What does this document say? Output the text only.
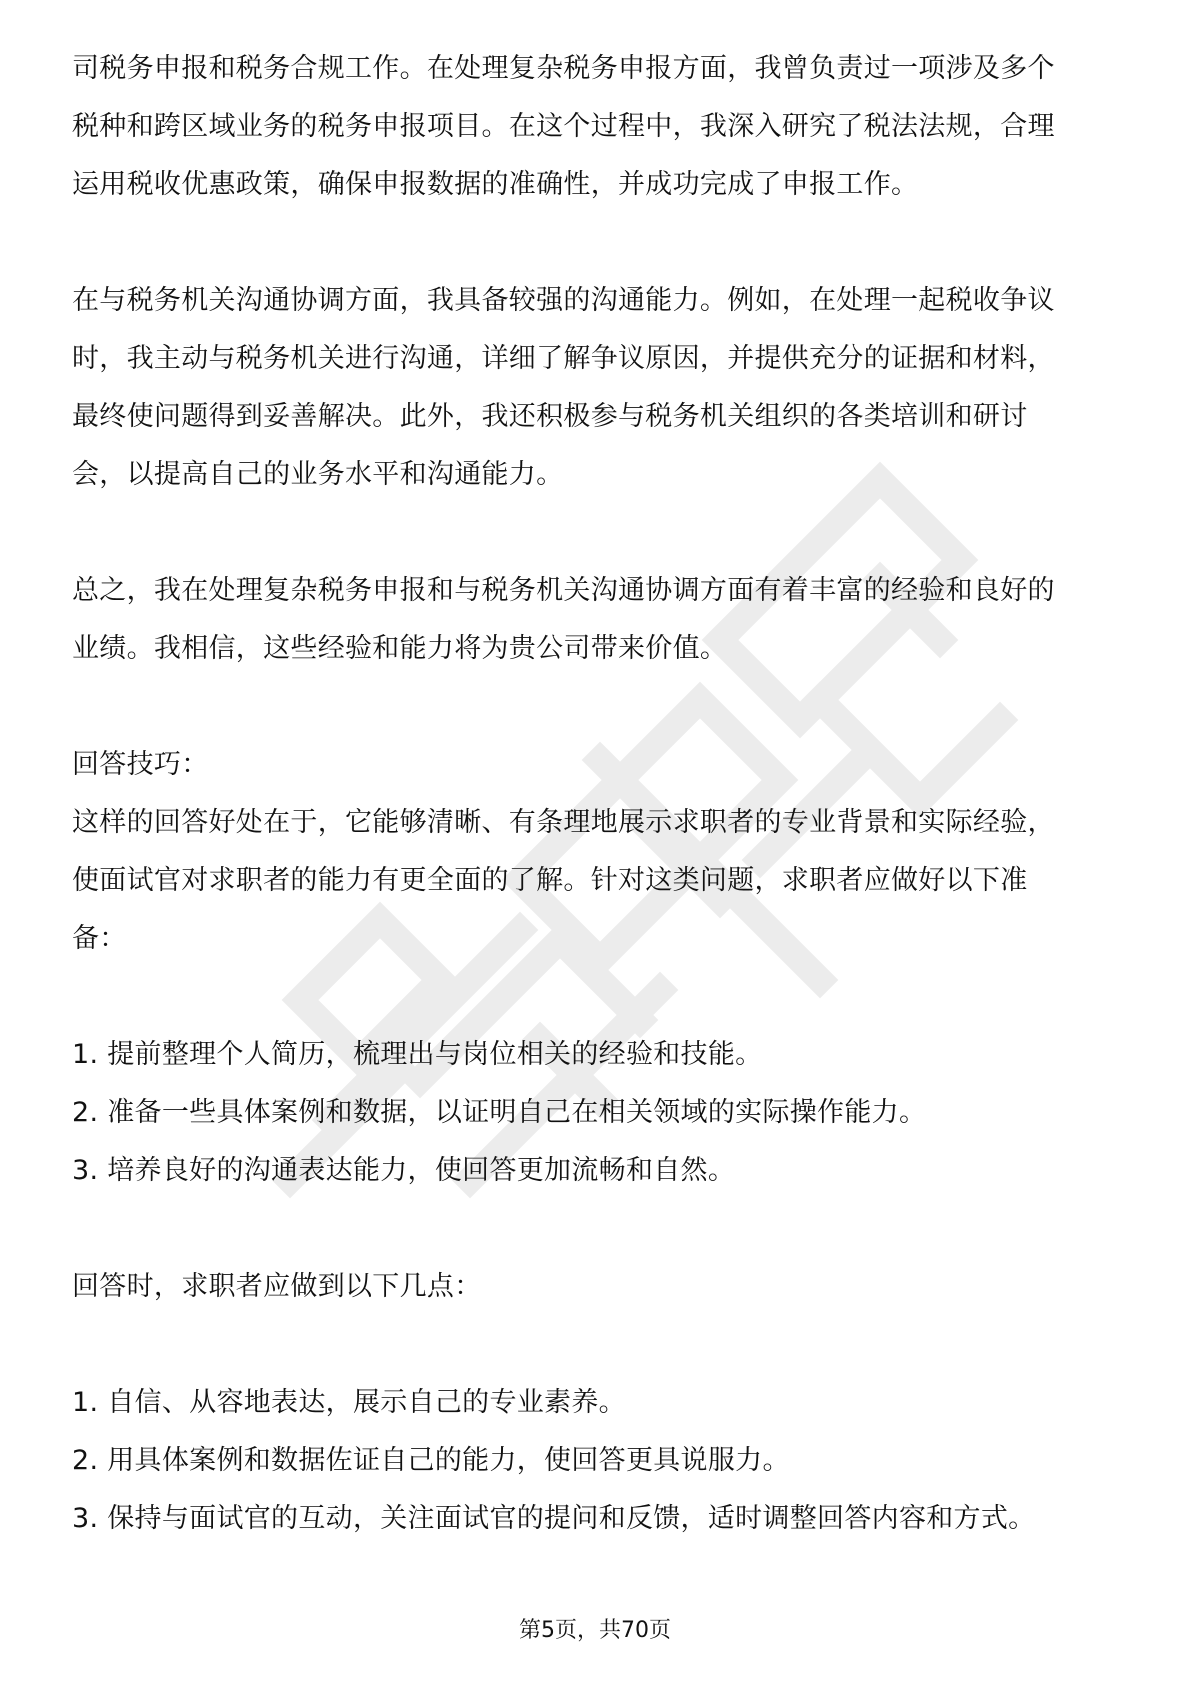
司税务申报和税务合规工作。在处理复杂税务申报方面，我曾负责过一项涉及多个
税种和跨区域业务的税务申报项目。在这个过程中，我深入研究了税法法规，合理
运用税收优惠政策，确保申报数据的准确性，并成功完成了申报工作。
在与税务机关沟通协调方面，我具备较强的沟通能力。例如，在处理一起税收争议
时，我主动与税务机关进行沟通，详细了解争议原因，并提供充分的证据和材料，
最终使问题得到妥善解决。此外，我还积极参与税务机关组织的各类培训和研讨
会，以提高自己的业务水平和沟通能力。
总之，我在处理复杂税务申报和与税务机关沟通协调方面有着丰富的经验和良好的
业绩。我相信，这些经验和能力将为贵公司带来价值。
回答技巧：
这样的回答好处在于，它能够清晰、有条理地展示求职者的专业背景和实际经验，
使面试官对求职者的能力有更全面的了解。针对这类问题，求职者应做好以下准
备：
1. 提前整理个人简历，梳理出与岗位相关的经验和技能。
2. 准备一些具体案例和数据，以证明自己在相关领域的实际操作能力。
3. 培养良好的沟通表达能力，使回答更加流畅和自然。
回答时，求职者应做到以下几点：
1. 自信、从容地表达，展示自己的专业素养。
2. 用具体案例和数据佐证自己的能力，使回答更具说服力。
3. 保持与面试官的互动，关注面试官的提问和反馈，适时调整回答内容和方式。
第5页，共70页
